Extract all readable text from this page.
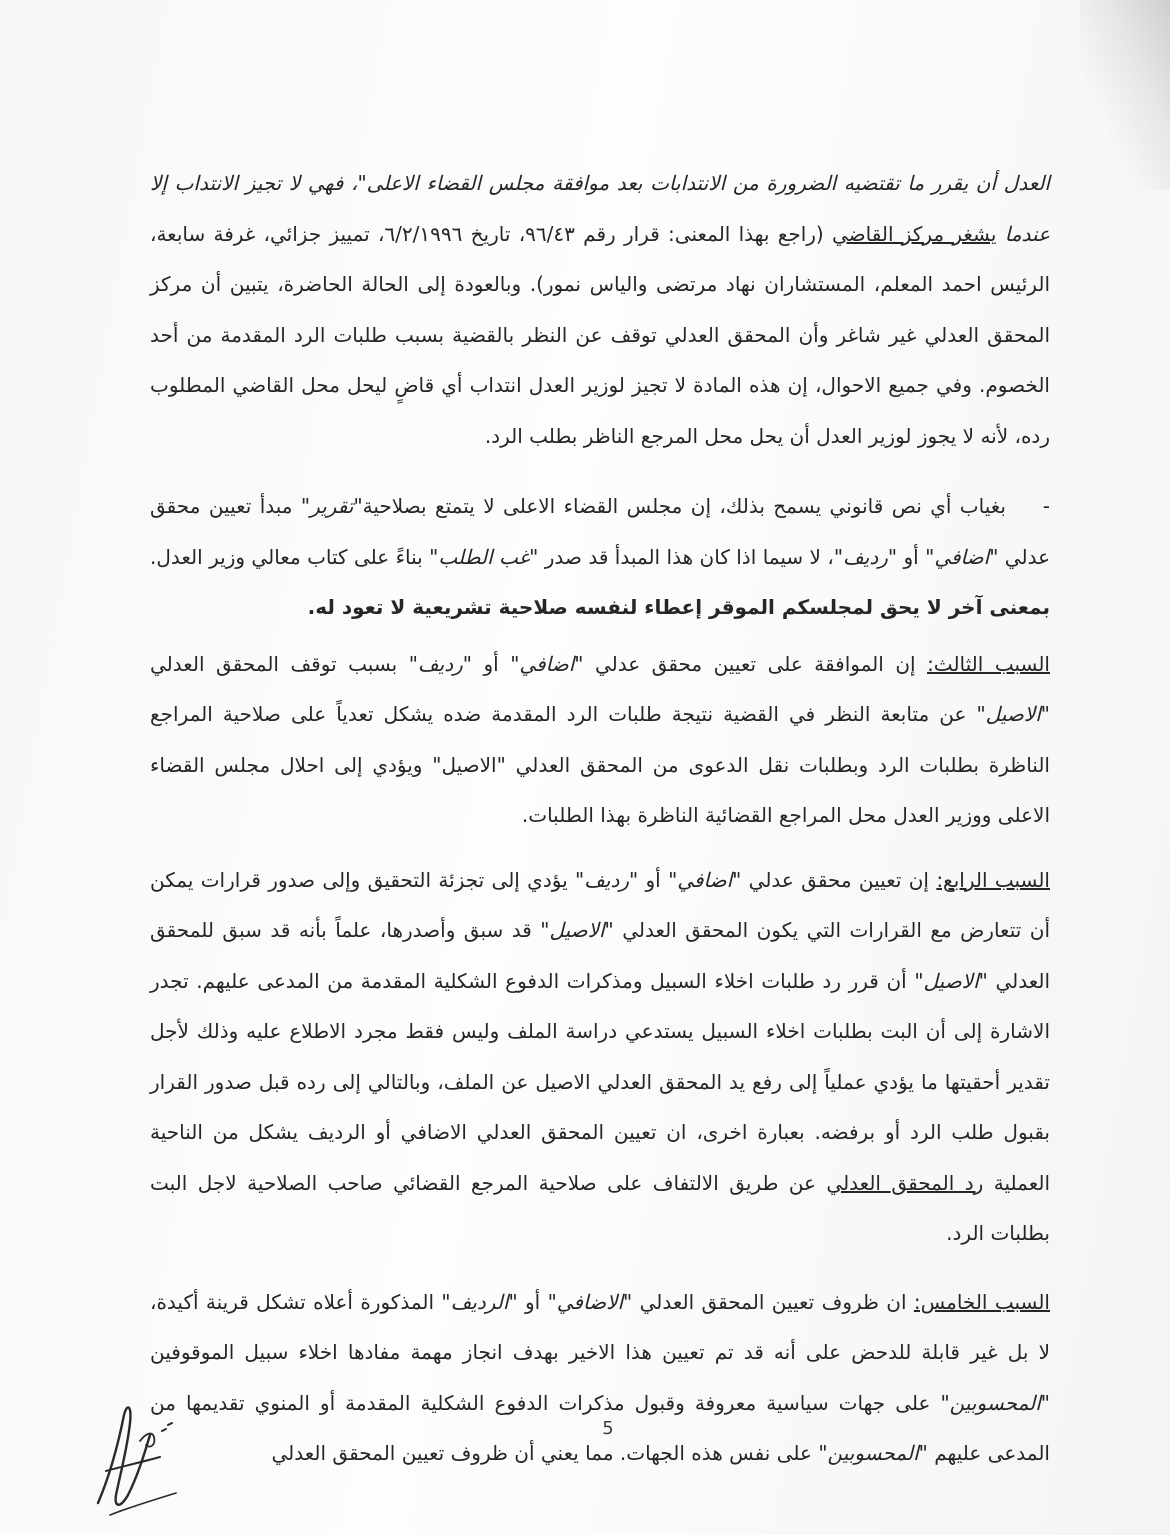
العدل أن يقرر ما تقتضيه الضرورة من الانتدابات بعد موافقة مجلس القضاء الاعلى"، فهي لا تجيز الانتداب إلا عندما يشغر مركز القاضي (راجع بهذا المعنى: قرار رقم ٩٦/٤٣، تاريخ ٦/٢/١٩٩٦، تمييز جزائي، غرفة سابعة، الرئيس احمد المعلم، المستشاران نهاد مرتضى والياس نمور). وبالعودة إلى الحالة الحاضرة، يتبين أن مركز المحقق العدلي غير شاغر وأن المحقق العدلي توقف عن النظر بالقضية بسبب طلبات الرد المقدمة من أحد الخصوم. وفي جميع الاحوال، إن هذه المادة لا تجيز لوزير العدل انتداب أي قاضٍ ليحل محل القاضي المطلوب رده، لأنه لا يجوز لوزير العدل أن يحل محل المرجع الناظر بطلب الرد.
-بغياب أي نص قانوني يسمح بذلك، إن مجلس القضاء الاعلى لا يتمتع بصلاحية"تقرير" مبدأ تعيين محقق عدلي "اضافي" أو "رديف"، لا سيما اذا كان هذا المبدأ قد صدر "غب الطلب" بناءً على كتاب معالي وزير العدل. بمعنى آخر لا يحق لمجلسكم الموقر إعطاء لنفسه صلاحية تشريعية لا تعود له.
السبب الثالث: إن الموافقة على تعيين محقق عدلي "اضافي" أو "رديف" بسبب توقف المحقق العدلي "الاصيل" عن متابعة النظر في القضية نتيجة طلبات الرد المقدمة ضده يشكل تعدياً على صلاحية المراجع الناظرة بطلبات الرد وبطلبات نقل الدعوى من المحقق العدلي "الاصيل" ويؤدي إلى احلال مجلس القضاء الاعلى ووزير العدل محل المراجع القضائية الناظرة بهذا الطلبات.
السبب الرابع: إن تعيين محقق عدلي "اضافي" أو "رديف" يؤدي إلى تجزئة التحقيق وإلى صدور قرارات يمكن أن تتعارض مع القرارات التي يكون المحقق العدلي "الاصيل" قد سبق وأصدرها، علماً بأنه قد سبق للمحقق العدلي "الاصيل" أن قرر رد طلبات اخلاء السبيل ومذكرات الدفوع الشكلية المقدمة من المدعى عليهم. تجدر الاشارة إلى أن البت بطلبات اخلاء السبيل يستدعي دراسة الملف وليس فقط مجرد الاطلاع عليه وذلك لأجل تقدير أحقيتها ما يؤدي عملياً إلى رفع يد المحقق العدلي الاصيل عن الملف، وبالتالي إلى رده قبل صدور القرار بقبول طلب الرد أو برفضه. بعبارة اخرى، ان تعيين المحقق العدلي الاضافي أو الرديف يشكل من الناحية العملية رد المحقق العدلي عن طريق الالتفاف على صلاحية المرجع القضائي صاحب الصلاحية لاجل البت بطلبات الرد.
السبب الخامس: ان ظروف تعيين المحقق العدلي "الاضافي" أو "الرديف" المذكورة أعلاه تشكل قرينة أكيدة، لا بل غير قابلة للدحض على أنه قد تم تعيين هذا الاخير بهدف انجاز مهمة مفادها اخلاء سبيل الموقوفين "المحسوبين" على جهات سياسية معروفة وقبول مذكرات الدفوع الشكلية المقدمة أو المنوي تقديمها من المدعى عليهم "المحسوبين" على نفس هذه الجهات. مما يعني أن ظروف تعيين المحقق العدلي
5
